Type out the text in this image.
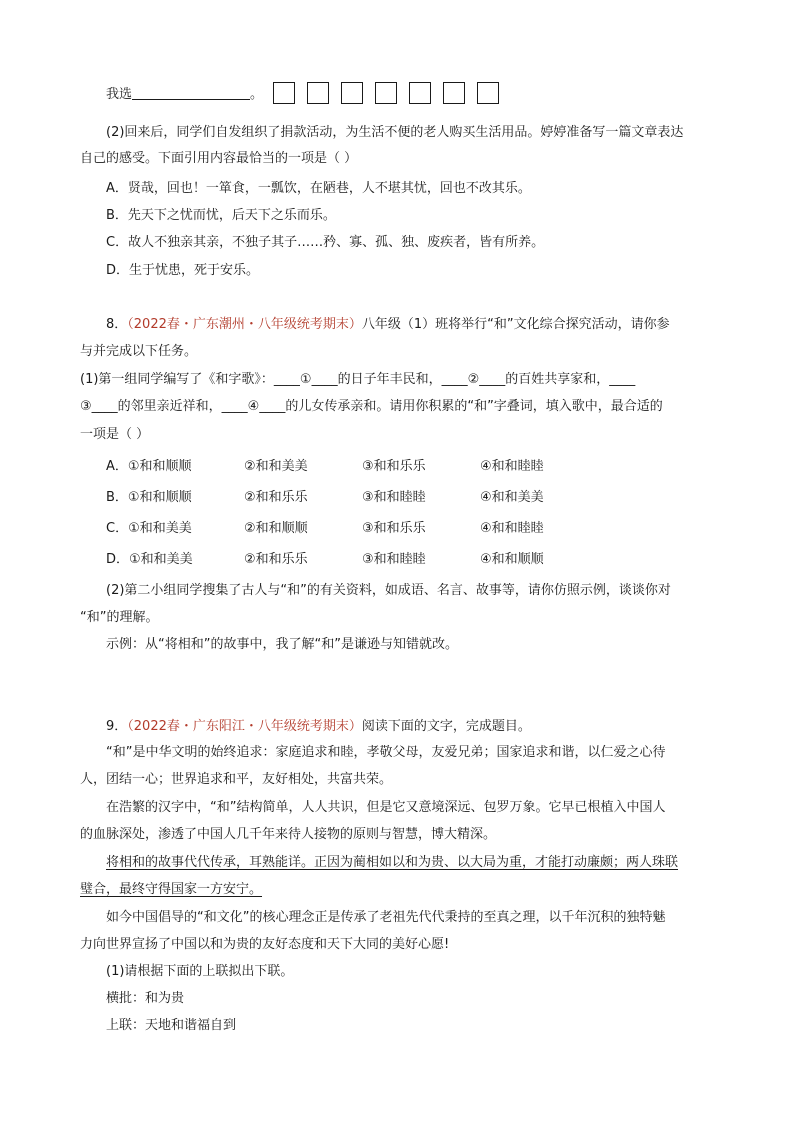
我选	。
(2)回来后，同学们自发组织了捐款活动，为生活不便的老人购买生活用品。婷婷准备写一篇文章表达
自己的感受。下面引用内容最恰当的一项是（ ）
A．贤哉，回也！一箪食，一瓢饮，在陋巷，人不堪其忧，回也不改其乐。
B．先天下之忧而忧，后天下之乐而乐。
C．故人不独亲其亲，不独子其子……矜、寡、孤、独、废疾者，皆有所养。
D．生于忧患，死于安乐。
8．（2022春・广东潮州・八年级统考期末）八年级（1）班将举行“和”文化综合探究活动，请你参
与并完成以下任务。
(1)第一组同学编写了《和字歌》：____①____的日子年丰民和，____②____的百姓共享家和，____
③____的邻里亲近祥和，____④____的儿女传承亲和。请用你积累的“和”字叠词，填入歌中，最合适的
一项是（ ）
A．①和和顺顺	②和和美美	③和和乐乐	④和和睦睦
B．①和和顺顺	②和和乐乐	③和和睦睦	④和和美美
C．①和和美美	②和和顺顺	③和和乐乐	④和和睦睦
D．①和和美美	②和和乐乐	③和和睦睦	④和和顺顺
(2)第二小组同学搜集了古人与“和”的有关资料，如成语、名言、故事等，请你仿照示例，谈谈你对
“和”的理解。
示例：从“将相和”的故事中，我了解“和”是谦逊与知错就改。
9．（2022春・广东阳江・八年级统考期末）阅读下面的文字，完成题目。
“和”是中华文明的始终追求：家庭追求和睦，孝敬父母，友爱兄弟；国家追求和谐，以仁爱之心待
人，团结一心；世界追求和平，友好相处，共富共荣。
在浩繁的汉字中，“和”结构简单，人人共识，但是它又意境深远、包罗万象。它早已根植入中国人
的血脉深处，渗透了中国人几千年来待人接物的原则与智慧，博大精深。
将相和的故事代代传承，耳熟能详。正因为蔺相如以和为贵、以大局为重，才能打动廉颇；两人珠联
璧合，最终守得国家一方安宁。
如今中国倡导的“和文化”的核心理念正是传承了老祖先代代秉持的至真之理，以千年沉积的独特魅
力向世界宣扬了中国以和为贵的友好态度和天下大同的美好心愿!
(1)请根据下面的上联拟出下联。
横批：和为贵
上联：天地和谐福自到
